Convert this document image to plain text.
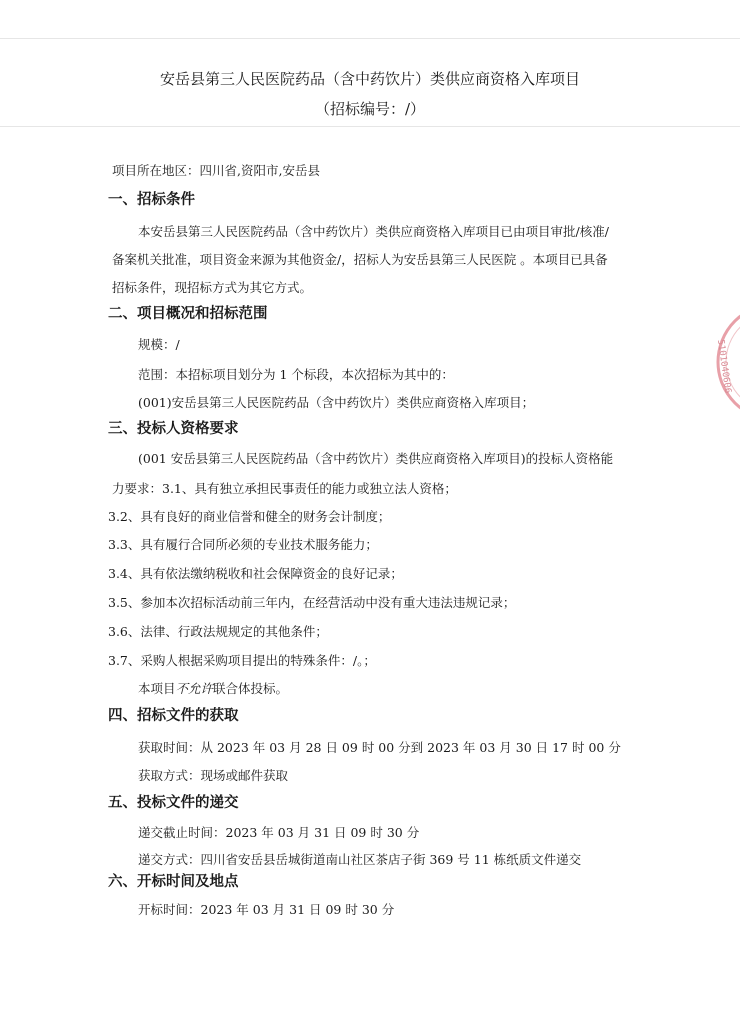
安岳县第三人民医院药品（含中药饮片）类供应商资格入库项目
（招标编号：/）
项目所在地区：四川省,资阳市,安岳县
一、招标条件
本安岳县第三人民医院药品（含中药饮片）类供应商资格入库项目已由项目审批/核准/
备案机关批准，项目资金来源为其他资金/，招标人为安岳县第三人民医院 。本项目已具备
招标条件，现招标方式为其它方式。
二、项目概况和招标范围
规模：/
范围：本招标项目划分为 1 个标段，本次招标为其中的：
(001)安岳县第三人民医院药品（含中药饮片）类供应商资格入库项目；
三、投标人资格要求
(001 安岳县第三人民医院药品（含中药饮片）类供应商资格入库项目)的投标人资格能
力要求：3.1、具有独立承担民事责任的能力或独立法人资格；
3.2、具有良好的商业信誉和健全的财务会计制度；
3.3、具有履行合同所必须的专业技术服务能力；
3.4、具有依法缴纳税收和社会保障资金的良好记录；
3.5、参加本次招标活动前三年内，在经营活动中没有重大违法违规记录；
3.6、法律、行政法规规定的其他条件；
3.7、采购人根据采购项目提出的特殊条件：/。；
本项目不允许联合体投标。
四、招标文件的获取
获取时间：从 2023 年 03 月 28 日 09 时 00 分到 2023 年 03 月 30 日 17 时 00 分
获取方式：现场或邮件获取
五、投标文件的递交
递交截止时间：2023 年 03 月 31 日 09 时 30 分
递交方式：四川省安岳县岳城街道南山社区茶店子街 369 号 11 栋纸质文件递交
六、开标时间及地点
开标时间：2023 年 03 月 31 日 09 时 30 分
5101040606
